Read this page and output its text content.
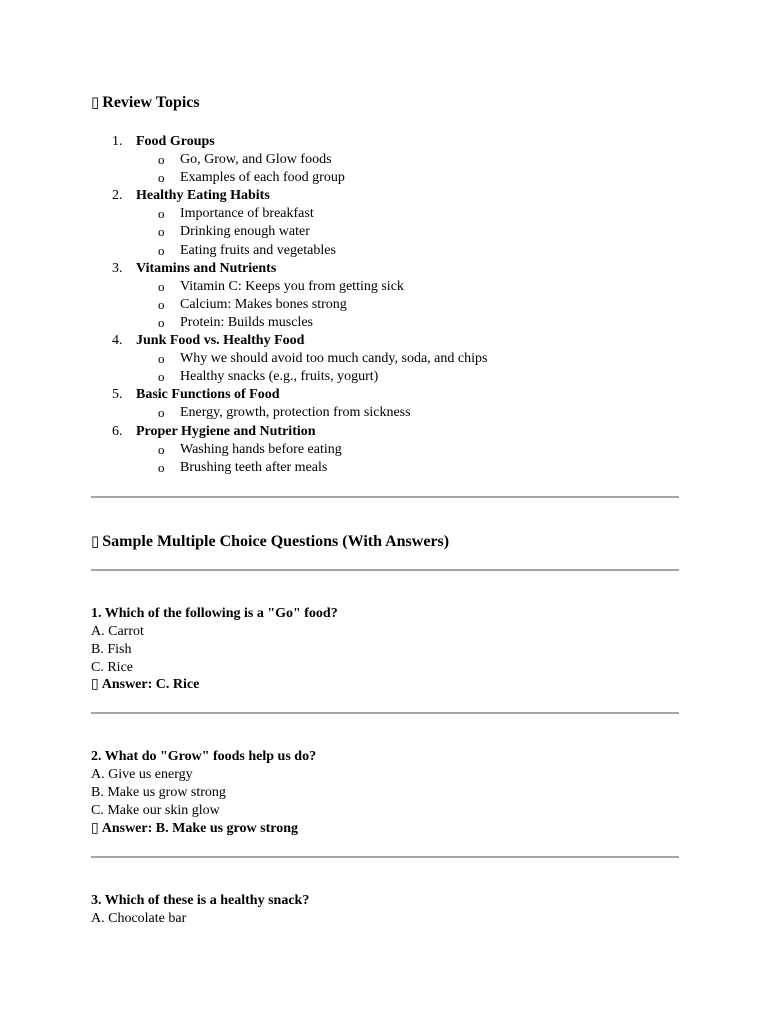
▯ Review Topics
1. Food Groups
o Go, Grow, and Glow foods
o Examples of each food group
2. Healthy Eating Habits
o Importance of breakfast
o Drinking enough water
o Eating fruits and vegetables
3. Vitamins and Nutrients
o Vitamin C: Keeps you from getting sick
o Calcium: Makes bones strong
o Protein: Builds muscles
4. Junk Food vs. Healthy Food
o Why we should avoid too much candy, soda, and chips
o Healthy snacks (e.g., fruits, yogurt)
5. Basic Functions of Food
o Energy, growth, protection from sickness
6. Proper Hygiene and Nutrition
o Washing hands before eating
o Brushing teeth after meals
▯ Sample Multiple Choice Questions (With Answers)
1. Which of the following is a "Go" food?
A. Carrot
B. Fish
C. Rice
▯ Answer: C. Rice
2. What do "Grow" foods help us do?
A. Give us energy
B. Make us grow strong
C. Make our skin glow
▯ Answer: B. Make us grow strong
3. Which of these is a healthy snack?
A. Chocolate bar
